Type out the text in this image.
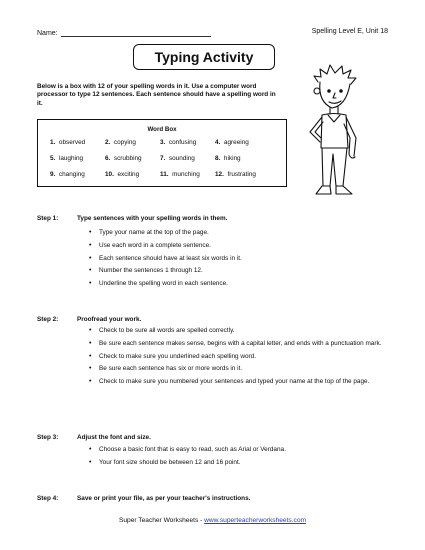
Name:	Spelling Level E, Unit 18
Typing Activity
Below is a box with 12 of your spelling words in it. Use a computer word processor to type 12 sentences. Each sentence should have a spelling word in it.
Word Box
1. observed	2. copying	3. confusing	4. agreeing
5. laughing	6. scrubbing	7. sounding	8. hiking
9. changing	10. exciting	11. munching 12. frustrating
Step 1:	Type sentences with your spelling words in them.
• Type your name at the top of the page.
• Use each word in a complete sentence.
• Each sentence should have at least six words in it.
• Number the sentences 1 through 12.
• Underline the spelling word in each sentence.
Step 2:	Proofread your work.
• Check to be sure all words are spelled correctly.
• Be sure each sentence makes sense, begins with a capital letter, and ends with a punctuation mark.
• Check to make sure you underlined each spelling word.
• Be sure each sentence has six or more words in it.
• Check to make sure you numbered your sentences and typed your name at the top of the page.
Step 3:	Adjust the font and size.
• Choose a basic font that is easy to read, such as Arial or Verdana.
• Your font size should be between 12 and 16 point.
Step 4:	Save or print your file, as per your teacher's instructions.
Super Teacher Worksheets - www.superteacherworksheets.com
